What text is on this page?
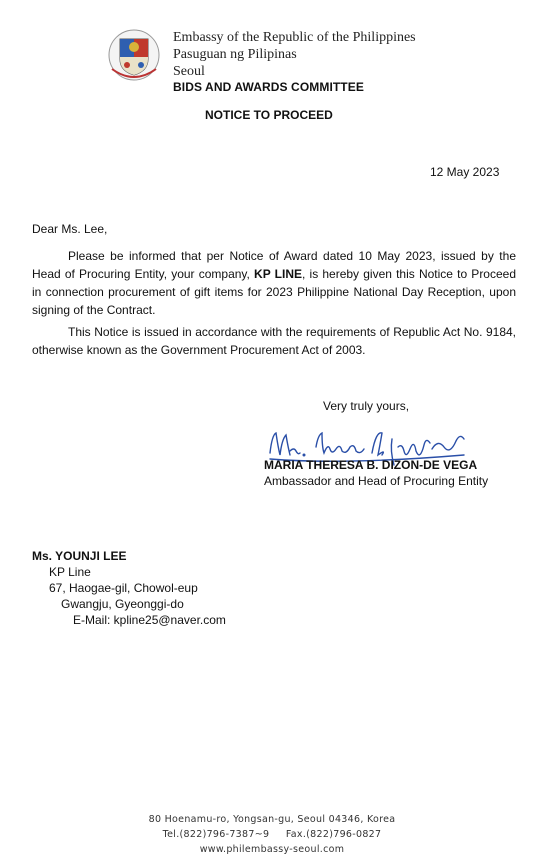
Embassy of the Republic of the Philippines
Pasuguan ng Pilipinas
Seoul
BIDS AND AWARDS COMMITTEE
NOTICE TO PROCEED
12 May 2023
Dear Ms. Lee,
Please be informed that per Notice of Award dated 10 May 2023, issued by the Head of Procuring Entity, your company, KP LINE, is hereby given this Notice to Proceed in connection procurement of gift items for 2023 Philippine National Day Reception, upon signing of the Contract.
This Notice is issued in accordance with the requirements of Republic Act No. 9184, otherwise known as the Government Procurement Act of 2003.
Very truly yours,
MARIA THERESA B. DIZON-DE VEGA
Ambassador and Head of Procuring Entity
Ms. YOUNJI LEE
KP Line
67, Haogae-gil, Chowol-eup
Gwangju, Gyeonggi-do
E-Mail: kpline25@naver.com
80 Hoenamu-ro, Yongsan-gu, Seoul 04346, Korea
Tel.(822)796-7387~9     Fax.(822)796-0827
www.philembassy-seoul.com
